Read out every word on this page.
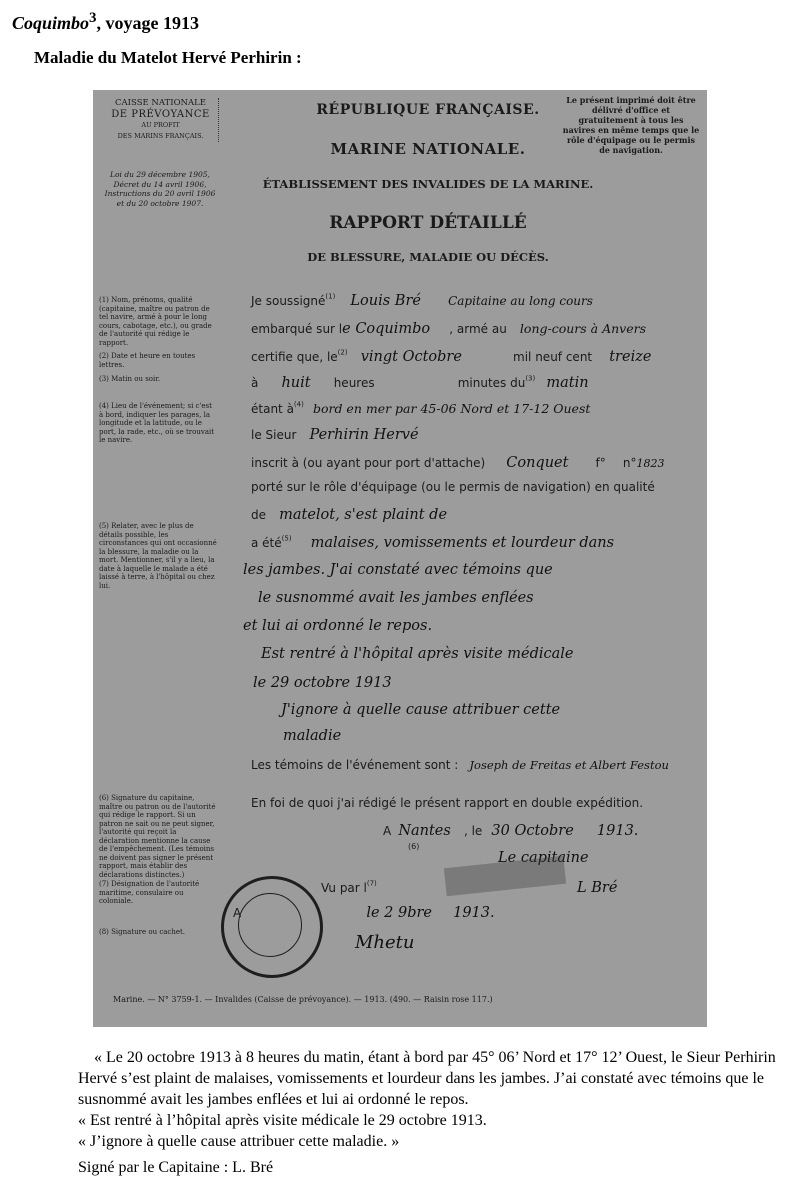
Coquimbo$^3$, voyage 1913
Maladie du Matelot Hervé Perhirin :
CAISSE NATIONALE
DE PRÉVOYANCE
AU PROFIT
DES MARINS FRANÇAIS.
Loi du 29 décembre 1905,
Décret du 14 avril 1906,
Instructions du 20 avril 1906
et du 20 octobre 1907.
RÉPUBLIQUE FRANÇAISE.
MARINE NATIONALE.
ÉTABLISSEMENT DES INVALIDES DE LA MARINE.
RAPPORT DÉTAILLÉ
DE BLESSURE, MALADIE OU DÉCÈS.
Le présent imprimé doit être délivré d'office et gratuitement à tous les navires en même temps que le rôle d'équipage ou le permis de navigation.
(1) Nom, prénoms, qualité (capitaine, maître ou patron de tel navire, armé à pour le long cours, cabotage, etc.), ou grade de l'autorité qui rédige le rapport.
(2) Date et heure en toutes lettres.
(3) Matin ou soir.
(4) Lieu de l'événement; si c'est à bord, indiquer les parages, la longitude et la latitude, ou le port, la rade, etc., où se trouvait le navire.
(5) Relater, avec le plus de détails possible, les circonstances qui ont occasionné la blessure, la maladie ou la mort. Mentionner, s'il y a lieu, la date à laquelle le malade a été laissé à terre, à l'hôpital ou chez lui.
(6) Signature du capitaine, maître ou patron ou de l'autorité qui rédige le rapport. Si un patron ne sait ou ne peut signer, l'autorité qui reçoit la déclaration mentionne la cause de l'empêchement. (Les témoins ne doivent pas signer le présent rapport, mais établir des déclarations distinctes.)
(7) Désignation de l'autorité maritime, consulaire ou coloniale.
(8) Signature ou cachet.
Je soussigné$^{(1)}$ Louis Bré Capitaine au long cours
embarqué sur le Coquimbo , armé au long-cours à Anvers
certifie que, $le^{(2)}$ vingt Octobre	mil neuf cent treize
à huit heures	minutes $du^{(3)}$ matin
étant $à^{(4)}$ bord en mer par 45-06 Nord et 17-12 Ouest
le Sieur Perhirin Hervé
inscrit à (ou ayant pour port d'attache) Conquet f° n°1823
porté sur le rôle d'équipage (ou le permis de navigation) en qualité
de matelot, s'est plaint de
a été$^{(5)}$ malaises, vomissements et lourdeur dans
les jambes. J'ai constaté avec témoins que
le susnommé avait les jambes enflées
et lui ai ordonné le repos.
Est rentré à l'hôpital après visite médicale
le 29 octobre 1913
J'ignore à quelle cause attribuer cette
maladie
Les témoins de l'événement sont : Joseph de Freitas et Albert Festou
En foi de quoi j'ai rédigé le présent rapport en double expédition.
A Nantes , le 30 Octobre 1913.
(6)
Le capitaine
Vu par $l^{(7)}$	L Bré
A	le 2 9bre 1913.
Mhetu
Marine. — N° 3759-1. — Invalides (Caisse de prévoyance). — 1913. (490. — Raisin rose 117.)

« Le 20 octobre 1913 à 8 heures du matin, étant à bord par 45° 06’ Nord et 17° 12’ Ouest, le Sieur Perhirin Hervé s’est plaint de malaises, vomissements et lourdeur dans les jambes. J’ai constaté avec témoins que le susnommé avait les jambes enflées et lui ai ordonné le repos.

« Est rentré à l’hôpital après visite médicale le 29 octobre 1913.

« J’ignore à quelle cause attribuer cette maladie. »

Signé par le Capitaine : L. Bré
